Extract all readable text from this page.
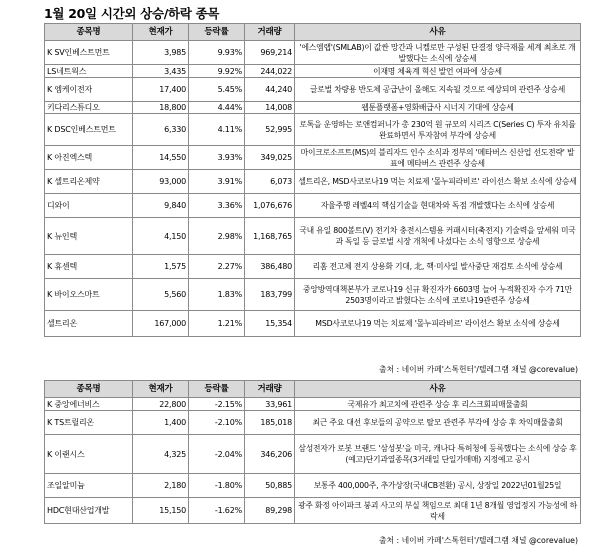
1월 20일 시간외 상승/하락 종목
종목명	현재가	등락률	거래량	사유
K SV인베스트먼트	3,985	9.93%	969,214	'에스엠랩'(SMLAB)이 값싼 망간과 니켈로만 구성된 단결정 양극재를 세계 최초로 개발했다는 소식에 상승세
LS네트웍스	3,435	9.92%	244,022	이재명 체육계 혁신 발언 여파에 상승세
K 엠케이전자	17,400	5.45%	44,240	글로벌 차량용 반도체 공급난이 올해도 지속될 것으로 예상되며 관련주 상승세
키다리스튜디오	18,800	4.44%	14,008	웹툰플랫폼+영화배급사 시너지 기대에 상승세
K DSC인베스트먼트	6,330	4.11%	52,995	로톡을 운영하는 로앤컴퍼니가 총 230억 원 규모의 시리즈 C(Series C) 투자 유치를 완료하면서 투자참여 부각에 상승세
K 아진엑스텍	14,550	3.93%	349,025	마이크로소프트(MS)의 블리자드 인수 소식과 정부의 '메타버스 신산업 선도전략' 발표에 메타버스 관련주 상승세
K 셀트리온제약	93,000	3.91%	6,073	셀트리온, MSD사코로나19 먹는 치료제 '몰누피라비르' 라이선스 확보 소식에 상승세
디와이	9,840	3.36%	1,076,676	자율주행 레벨4의 핵심기술을 현대차와 독점 개발했다는 소식에 상승세
K 뉴인텍	4,150	2.98%	1,168,765	국내 유일 800볼트(V) 전기차 충전시스템용 커패시터(축전지) 기술력을 앞세워 미국과 독일 등 글로벌 시장 개척에 나섰다는 소식 영향으로 상승세
K 휴센텍	1,575	2.27%	386,480	리홈 전고체 전지 상용화 기대, 北, 핵·미사일 발사중단 재검토 소식에 상승세
K 바이오스마트	5,560	1.83%	183,799	중앙방역대책본부가 코로나19 신규 확진자가 6603명 늘어 누적확진자 수가 71만2503명이라고 밝혔다는 소식에 코로나19관련주 상승세
셀트리온	167,000	1.21%	15,354	MSD사코로나19 먹는 치료제 '몰누피라비르' 라이선스 확보 소식에 상승세
출처 : 네이버 카페'스톡헌터'/텔레그램 채널 @corevalue)
종목명	현재가	등락률	거래량	사유
K 중앙에너비스	22,800	-2.15%	33,961	국제유가 최고치에 관련주 상승 후 리스크회피매물출회
K TS트릴리온	1,400	-2.10%	185,018	최근 주요 대선 후보들의 공약으로 탈모 관련주 부각에 상승 후 차익매물출회
K 이랜시스	4,325	-2.04%	346,206	삼성전자가 로봇 브랜드 '삼성봇'을 미국, 캐나다 특허청에 등록했다는 소식에 상승 후 (예고)단기과열종목(3거래일 단일가매매) 지정예고 공시
조일알미늄	2,180	-1.80%	50,885	보통주 400,000주, 추가상장(국내CB전환) 공시, 상장일 2022년01월25일
HDC현대산업개발	15,150	-1.62%	89,298	광주 화정 아이파크 붕괴 사고의 부실 책임으로 최대 1년 8개월 영업정지 가능성에 하락세
출처 : 네이버 카페'스톡헌터'/텔레그램 채널 @corevalue)
